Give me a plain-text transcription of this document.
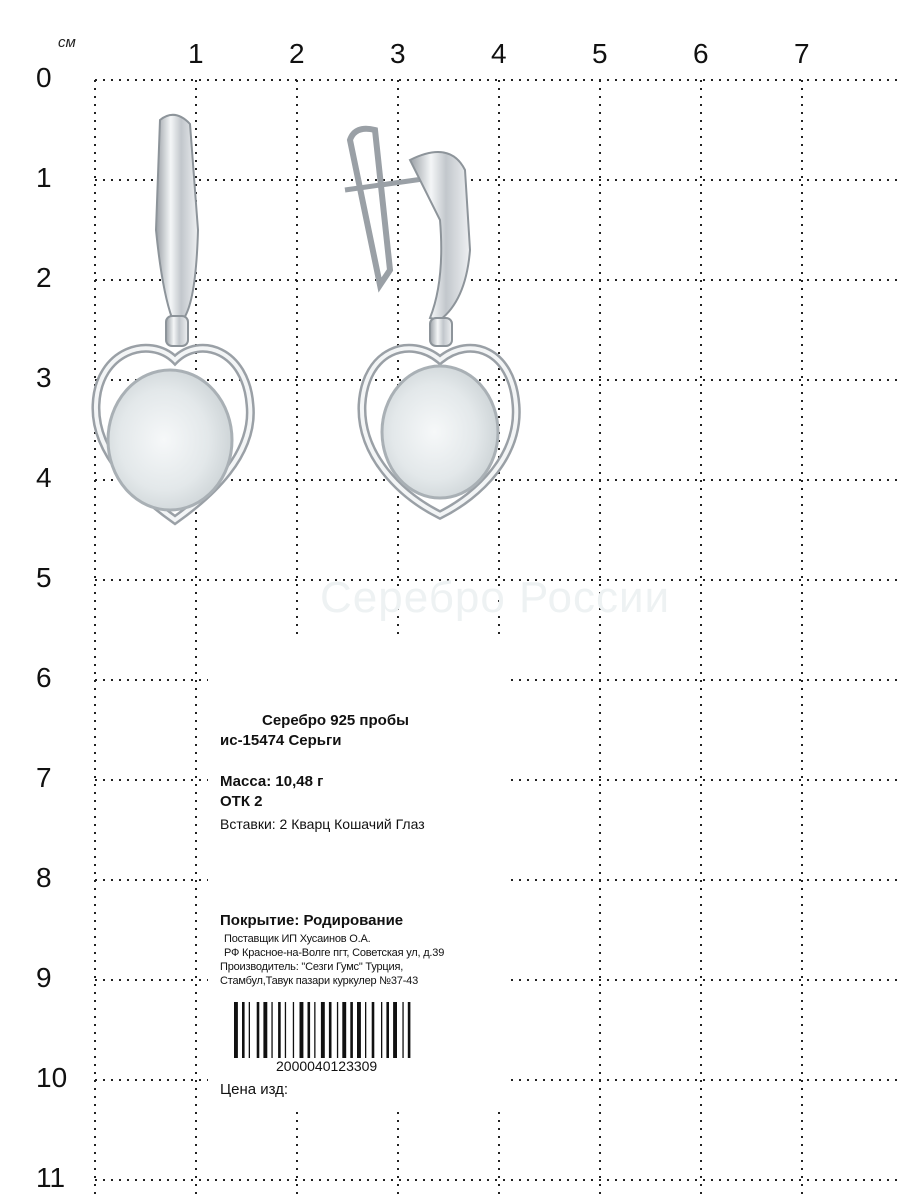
см	1	2	3	4	5	6	7
0
1
2
3
4
5
6
7
8
9
10
11
Серебро России
Серебро 925 пробы
ис-15474 Серьги
Масса: 10,48 г
ОТК 2
Вставки: 2 Кварц Кошачий Глаз
Покрытие: Родирование
Поставщик ИП Хусаинов О.А.
РФ Красное-на-Волге пгт, Советская ул, д.39
Производитель: "Сезги Гумс" Турция,
Стамбул,Тавук пазари куркулер №37-43
2000040123309
Цена изд:
